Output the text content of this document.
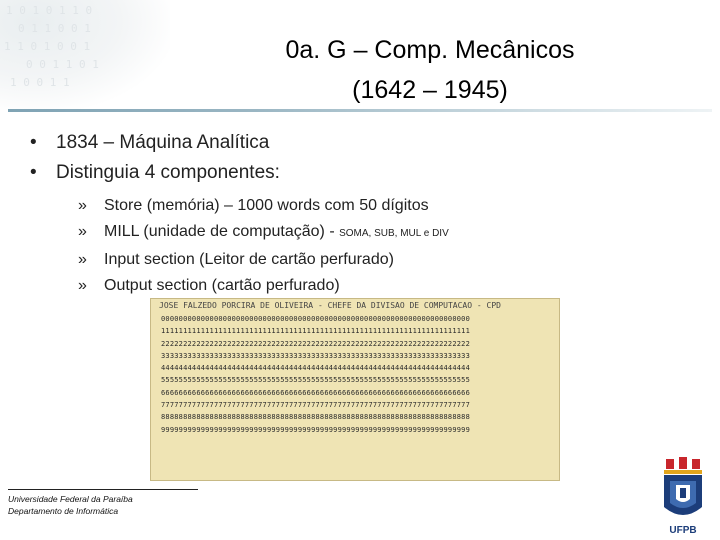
1 0 1 0 1 1 0
0 1 1 0 0 1
1 1 0 1 0 0 1
0 0 1 1 0 1
1 0 0 1 1
0a. G – Comp. Mecânicos
(1642 – 1945)
• 1834 – Máquina Analítica
• Distinguia 4 componentes:
» Store (memória) – 1000 words com 50 dígitos
» MILL (unidade de computação) - SOMA, SUB, MUL e DIV
» Input section (Leitor de cartão perfurado)
» Output section (cartão perfurado)
JOSE FALZEDO PORCIRA DE OLIVEIRA - CHEFE DA DIVISAO DE COMPUTACAO - CPD
0000000000000000000000000000000000000000000000000000000000000000000000
1111111111111111111111111111111111111111111111111111111111111111111111
2222222222222222222222222222222222222222222222222222222222222222222222
3333333333333333333333333333333333333333333333333333333333333333333333
4444444444444444444444444444444444444444444444444444444444444444444444
5555555555555555555555555555555555555555555555555555555555555555555555
6666666666666666666666666666666666666666666666666666666666666666666666
7777777777777777777777777777777777777777777777777777777777777777777777
8888888888888888888888888888888888888888888888888888888888888888888888
9999999999999999999999999999999999999999999999999999999999999999999999
Universidade Federal da Paraíba
Departamento de Informática
UFPB
